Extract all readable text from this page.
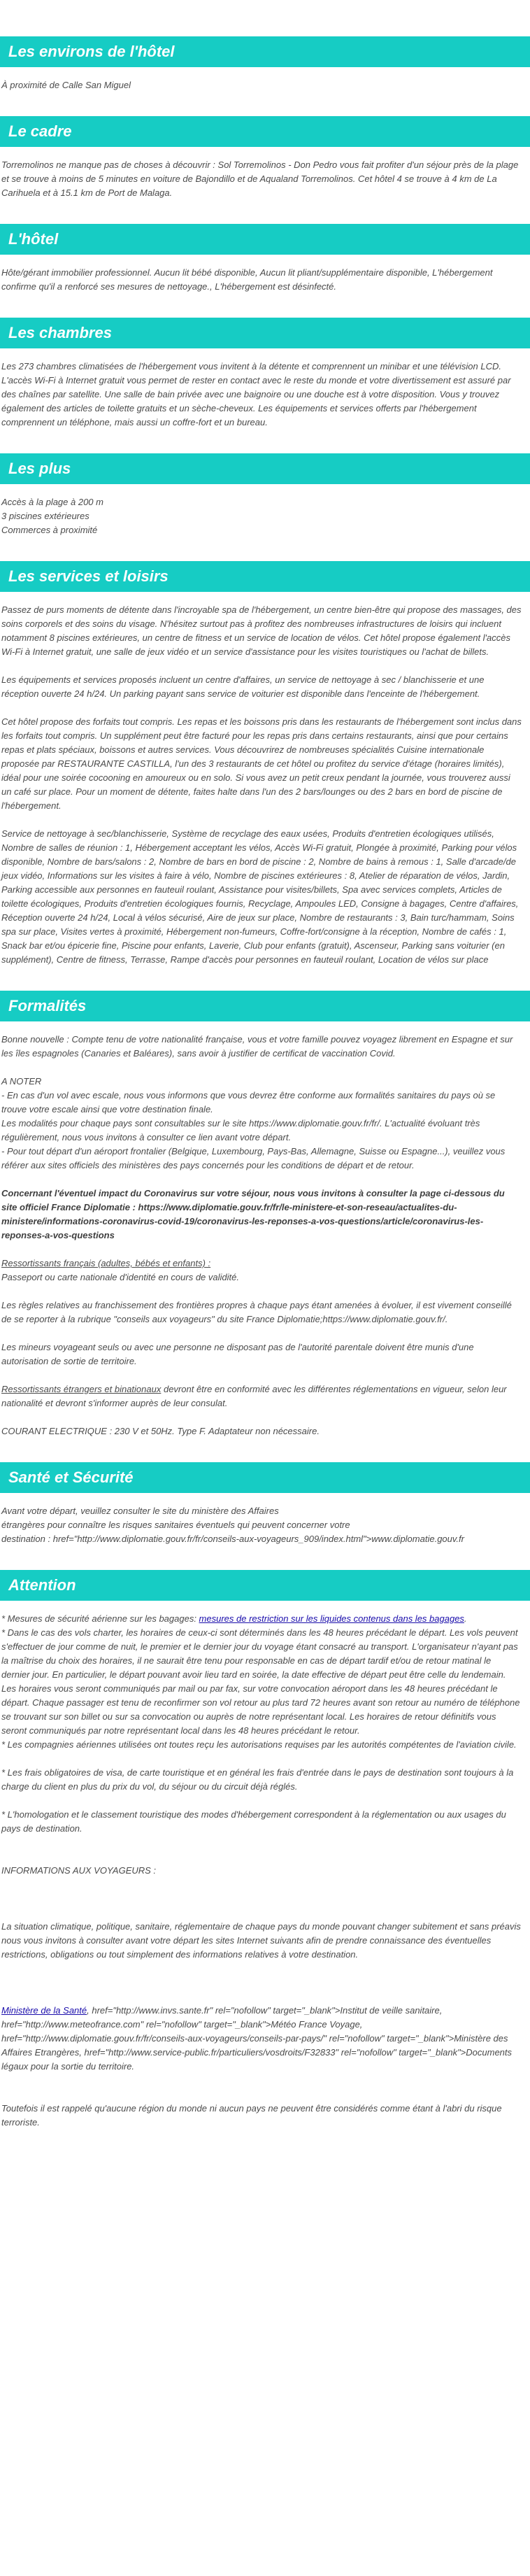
Les environs de l'hôtel
À proximité de Calle San Miguel
Le cadre
Torremolinos ne manque pas de choses à découvrir : Sol Torremolinos - Don Pedro vous fait profiter d'un séjour près de la plage et se trouve à moins de 5 minutes en voiture de Bajondillo et de Aqualand Torremolinos. Cet hôtel 4 se trouve à 4 km de La Carihuela et à 15.1 km de Port de Malaga.
L'hôtel
Hôte/gérant immobilier professionnel. Aucun lit bébé disponible, Aucun lit pliant/supplémentaire disponible, L'hébergement confirme qu'il a renforcé ses mesures de nettoyage., L'hébergement est désinfecté.
Les chambres
Les 273 chambres climatisées de l'hébergement vous invitent à la détente et comprennent un minibar et une télévision LCD. L'accès Wi-Fi à Internet gratuit vous permet de rester en contact avec le reste du monde et votre divertissement est assuré par des chaînes par satellite. Une salle de bain privée avec une baignoire ou une douche est à votre disposition. Vous y trouvez également des articles de toilette gratuits et un sèche-cheveux. Les équipements et services offerts par l'hébergement comprennent un téléphone, mais aussi un coffre-fort et un bureau.
Les plus
Accès à la plage à 200 m
3 piscines extérieures
Commerces à proximité
Les services et loisirs
Passez de purs moments de détente dans l'incroyable spa de l'hébergement, un centre bien-être qui propose des massages, des soins corporels et des soins du visage. N'hésitez surtout pas à profitez des nombreuses infrastructures de loisirs qui incluent notamment 8 piscines extérieures, un centre de fitness et un service de location de vélos. Cet hôtel propose également l'accès Wi-Fi à Internet gratuit, une salle de jeux vidéo et un service d'assistance pour les visites touristiques ou l'achat de billets.
Les équipements et services proposés incluent un centre d'affaires, un service de nettoyage à sec / blanchisserie et une réception ouverte 24 h/24. Un parking payant sans service de voiturier est disponible dans l'enceinte de l'hébergement.
Cet hôtel propose des forfaits tout compris. Les repas et les boissons pris dans les restaurants de l'hébergement sont inclus dans les forfaits tout compris. Un supplément peut être facturé pour les repas pris dans certains restaurants, ainsi que pour certains repas et plats spéciaux, boissons et autres services. Vous découvrirez de nombreuses spécialités Cuisine internationale proposée par RESTAURANTE CASTILLA, l'un des 3 restaurants de cet hôtel ou profitez du service d'étage (horaires limités), idéal pour une soirée cocooning en amoureux ou en solo. Si vous avez un petit creux pendant la journée, vous trouverez aussi un café sur place. Pour un moment de détente, faites halte dans l'un des 2 bars/lounges ou des 2 bars en bord de piscine de l'hébergement.
Service de nettoyage à sec/blanchisserie, Système de recyclage des eaux usées, Produits d'entretien écologiques utilisés, Nombre de salles de réunion : 1, Hébergement acceptant les vélos, Accès Wi-Fi gratuit, Plongée à proximité, Parking pour vélos disponible, Nombre de bars/salons : 2, Nombre de bars en bord de piscine : 2, Nombre de bains à remous : 1, Salle d'arcade/de jeux vidéo, Informations sur les visites à faire à vélo, Nombre de piscines extérieures : 8, Atelier de réparation de vélos, Jardin, Parking accessible aux personnes en fauteuil roulant, Assistance pour visites/billets, Spa avec services complets, Articles de toilette écologiques, Produits d'entretien écologiques fournis, Recyclage, Ampoules LED, Consigne à bagages, Centre d'affaires, Réception ouverte 24 h/24, Local à vélos sécurisé, Aire de jeux sur place, Nombre de restaurants : 3, Bain turc/hammam, Soins spa sur place, Visites vertes à proximité, Hébergement non-fumeurs, Coffre-fort/consigne à la réception, Nombre de cafés : 1, Snack bar et/ou épicerie fine, Piscine pour enfants, Laverie, Club pour enfants (gratuit), Ascenseur, Parking sans voiturier (en supplément), Centre de fitness, Terrasse, Rampe d'accès pour personnes en fauteuil roulant, Location de vélos sur place
Formalités
Bonne nouvelle : Compte tenu de votre nationalité française, vous et votre famille pouvez voyagez librement en Espagne et sur les îles espagnoles (Canaries et Baléares), sans avoir à justifier de certificat de vaccination Covid.
A NOTER
- En cas d'un vol avec escale, nous vous informons que vous devrez être conforme aux formalités sanitaires du pays où se trouve votre escale ainsi que votre destination finale.
Les modalités pour chaque pays sont consultables sur le site https://www.diplomatie.gouv.fr/fr/. L'actualité évoluant très régulièrement, nous vous invitons à consulter ce lien avant votre départ.
- Pour tout départ d'un aéroport frontalier (Belgique, Luxembourg, Pays-Bas, Allemagne, Suisse ou Espagne...), veuillez vous référer aux sites officiels des ministères des pays concernés pour les conditions de départ et de retour.
Concernant l'éventuel impact du Coronavirus sur votre séjour, nous vous invitons à consulter la page ci-dessous du site officiel France Diplomatie : https://www.diplomatie.gouv.fr/fr/le-ministere-et-son-reseau/actualites-du-ministere/informations-coronavirus-covid-19/coronavirus-les-reponses-a-vos-questions/article/coronavirus-les-reponses-a-vos-questions
Ressortissants français (adultes, bébés et enfants) :
Passeport ou carte nationale d'identité en cours de validité.
Les règles relatives au franchissement des frontières propres à chaque pays étant amenées à évoluer, il est vivement conseillé de se reporter à la rubrique "conseils aux voyageurs" du site France Diplomatie;https://www.diplomatie.gouv.fr/.
Les mineurs voyageant seuls ou avec une personne ne disposant pas de l'autorité parentale doivent être munis d'une autorisation de sortie de territoire.
Ressortissants étrangers et binationaux devront être en conformité avec les différentes réglementations en vigueur, selon leur nationalité et devront s'informer auprès de leur consulat.
COURANT ELECTRIQUE : 230 V et 50Hz. Type F. Adaptateur non nécessaire.
Santé et Sécurité
Avant votre départ, veuillez consulter le site du ministère des Affaires
étrangères pour connaître les risques sanitaires éventuels qui peuvent concerner votre
destination : href="http://www.diplomatie.gouv.fr/fr/conseils-aux-voyageurs_909/index.html">www.diplomatie.gouv.fr
Attention
* Mesures de sécurité aérienne sur les bagages: mesures de restriction sur les liquides contenus dans les bagages.
* Dans le cas des vols charter, les horaires de ceux-ci sont déterminés dans les 48 heures précédant le départ. Les vols peuvent s'effectuer de jour comme de nuit, le premier et le dernier jour du voyage étant consacré au transport. L'organisateur n'ayant pas la maîtrise du choix des horaires, il ne saurait être tenu pour responsable en cas de départ tardif et/ou de retour matinal le dernier jour. En particulier, le départ pouvant avoir lieu tard en soirée, la date effective de départ peut être celle du lendemain. Les horaires vous seront communiqués par mail ou par fax, sur votre convocation aéroport dans les 48 heures précédant le départ. Chaque passager est tenu de reconfirmer son vol retour au plus tard 72 heures avant son retour au numéro de téléphone se trouvant sur son billet ou sur sa convocation ou auprès de notre représentant local. Les horaires de retour définitifs vous seront communiqués par notre représentant local dans les 48 heures précédant le retour.
* Les compagnies aériennes utilisées ont toutes reçu les autorisations requises par les autorités compétentes de l'aviation civile.
* Les frais obligatoires de visa, de carte touristique et en général les frais d'entrée dans le pays de destination sont toujours à la charge du client en plus du prix du vol, du séjour ou du circuit déjà réglés.
* L'homologation et le classement touristique des modes d'hébergement correspondent à la réglementation ou aux usages du pays de destination.
INFORMATIONS AUX VOYAGEURS :
La situation climatique, politique, sanitaire, réglementaire de chaque pays du monde pouvant changer subitement et sans préavis
nous vous invitons à consulter avant votre départ les sites Internet suivants afin de prendre connaissance des éventuelles restrictions, obligations ou tout simplement des informations relatives à votre destination.
Ministère de la Santé, href="http://www.invs.sante.fr" rel="nofollow" target="_blank">Institut de veille sanitaire, href="http://www.meteofrance.com" rel="nofollow" target="_blank">Météo France Voyage, href="http://www.diplomatie.gouv.fr/fr/conseils-aux-voyageurs/conseils-par-pays/" rel="nofollow" target="_blank">Ministère des Affaires Etrangères, href="http://www.service-public.fr/particuliers/vosdroits/F32833" rel="nofollow" target="_blank">Documents légaux pour la sortie du territoire.
Toutefois il est rappelé qu'aucune région du monde ni aucun pays ne peuvent être considérés comme étant à l'abri du risque terroriste.
